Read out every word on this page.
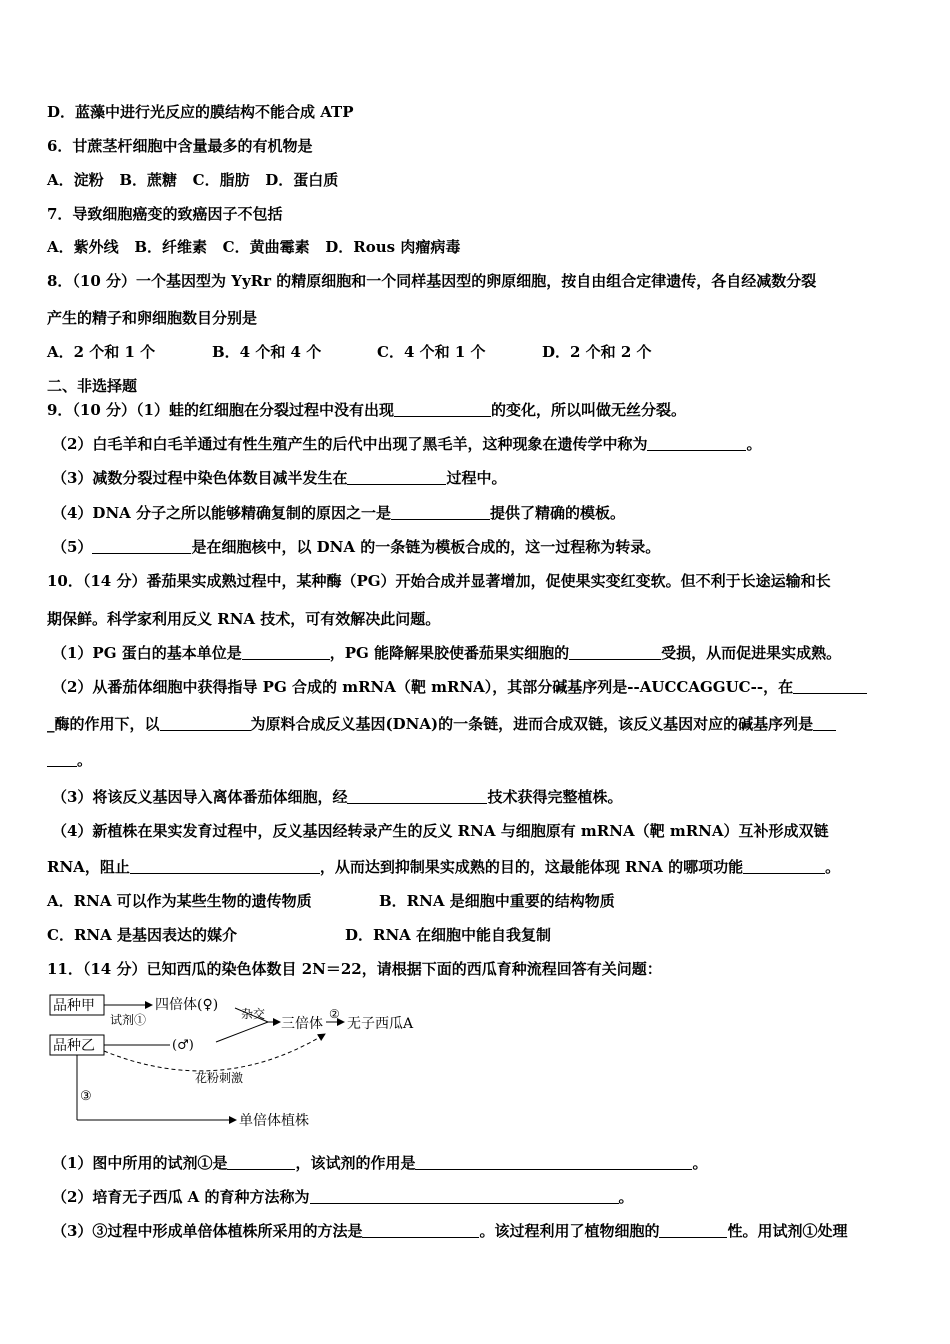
D．蓝藻中进行光反应的膜结构不能合成 ATP
6．甘蔗茎杆细胞中含量最多的有机物是
A．淀粉 B．蔗糖 C．脂肪 D．蛋白质
7．导致细胞癌变的致癌因子不包括
A．紫外线 B．纤维素 C．黄曲霉素 D．Rous 肉瘤病毒
8．（10 分）一个基因型为 YyRr 的精原细胞和一个同样基因型的卵原细胞，按自由组合定律遗传，各自经减数分裂
产生的精子和卵细胞数目分别是
A．2 个和 1 个	B．4 个和 4 个	C．4 个和 1 个	D．2 个和 2 个
二、非选择题
9．（10 分）（1）蛙的红细胞在分裂过程中没有出现	的变化，所以叫做无丝分裂。
（2）白毛羊和白毛羊通过有性生殖产生的后代中出现了黑毛羊，这种现象在遗传学中称为	。
（3）减数分裂过程中染色体数目减半发生在	过程中。
（4）DNA 分子之所以能够精确复制的原因之一是	提供了精确的模板。
（5）	是在细胞核中，以 DNA 的一条链为模板合成的，这一过程称为转录。
10．（14 分）番茄果实成熟过程中，某种酶（PG）开始合成并显著增加，促使果实变红变软。但不利于长途运输和长
期保鲜。科学家利用反义 RNA 技术，可有效解决此问题。
（1）PG 蛋白的基本单位是	，PG 能降解果胶使番茄果实细胞的	受损，从而促进果实成熟。
（2）从番茄体细胞中获得指导 PG 合成的 mRNA（靶 mRNA），其部分碱基序列是--AUCCAGGUC--，在
_酶的作用下，以	为原料合成反义基因(DNA)的一条链，进而合成双链，该反义基因对应的碱基序列是
。
（3）将该反义基因导入离体番茄体细胞，经	技术获得完整植株。
（4）新植株在果实发育过程中，反义基因经转录产生的反义 RNA 与细胞原有 mRNA（靶 mRNA）互补形成双链
RNA，阻止	，从而达到抑制果实成熟的目的，这最能体现 RNA 的哪项功能	。
A．RNA 可以作为某些生物的遗传物质	B．RNA 是细胞中重要的结构物质
C．RNA 是基因表达的媒介	D．RNA 在细胞中能自我复制
11．（14 分）已知西瓜的染色体数目 2N＝22，请根据下面的西瓜育种流程回答有关问题：
品种甲
品种乙
试剂①
四倍体(♀)
(♂)
杂交
三倍体
②
无子西瓜A
花粉刺激
③
单倍体植株
（1）图中所用的试剂①是	，该试剂的作用是	。
（2）培育无子西瓜 A 的育种方法称为	。
（3）③过程中形成单倍体植株所采用的方法是	。该过程利用了植物细胞的	性。用试剂①处理
